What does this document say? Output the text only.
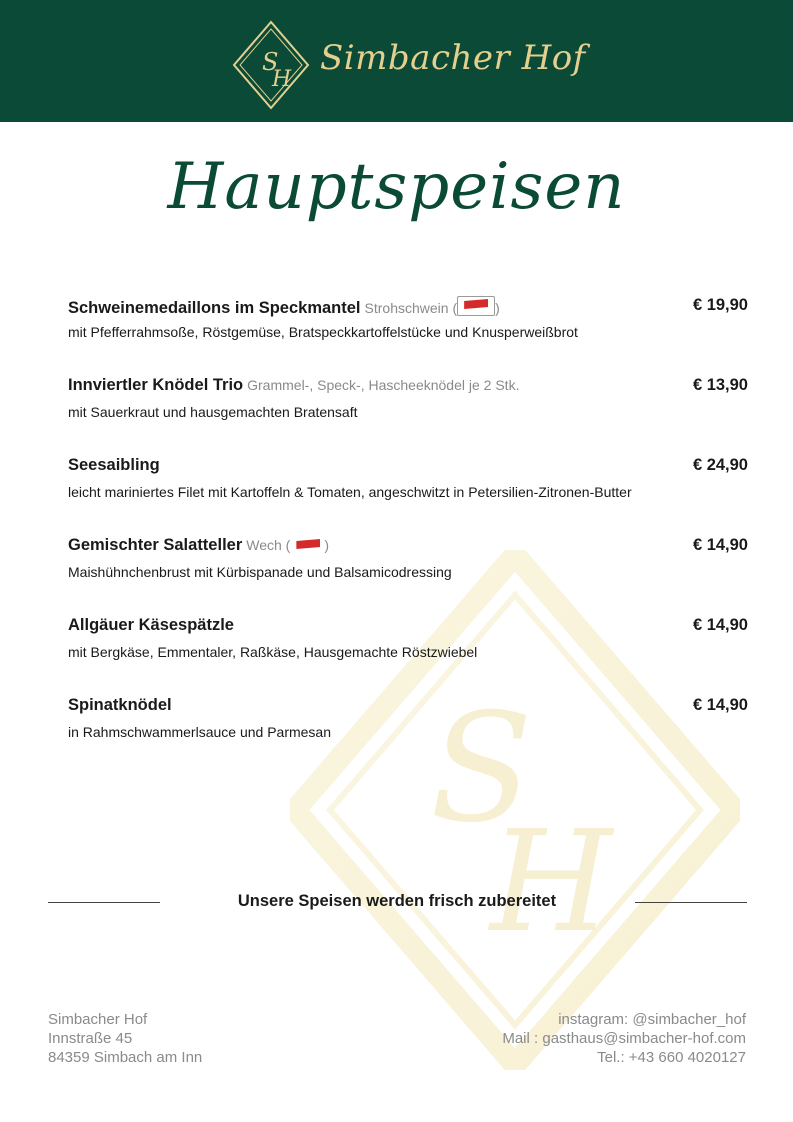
S
H
Simbacher Hof
S
H
Hauptspeisen
Schweinemedaillons im Speckmantel Strohschwein (	)	€ 19,90
mit Pfefferrahmsoße, Röstgemüse, Bratspeckkartoffelstücke und Knusperweißbrot
Innviertler Knödel Trio Grammel-, Speck-, Hascheeknödel je 2 Stk.	€ 13,90
mit Sauerkraut und hausgemachten Bratensaft
Seesaibling	€ 24,90
leicht mariniertes Filet mit Kartoffeln & Tomaten, angeschwitzt in Petersilien-Zitronen-Butter
Gemischter Salatteller Wech ( )	€ 14,90
Maishühnchenbrust mit Kürbispanade und Balsamicodressing
Allgäuer Käsespätzle	€ 14,90
mit Bergkäse, Emmentaler, Raßkäse, Hausgemachte Röstzwiebel
Spinatknödel	€ 14,90
in Rahmschwammerlsauce und Parmesan
Unsere Speisen werden frisch zubereitet
Simbacher Hof
Innstraße 45
84359 Simbach am Inn
instagram: @simbacher_hof
Mail : gasthaus@simbacher-hof.com
Tel.: +43 660 4020127
